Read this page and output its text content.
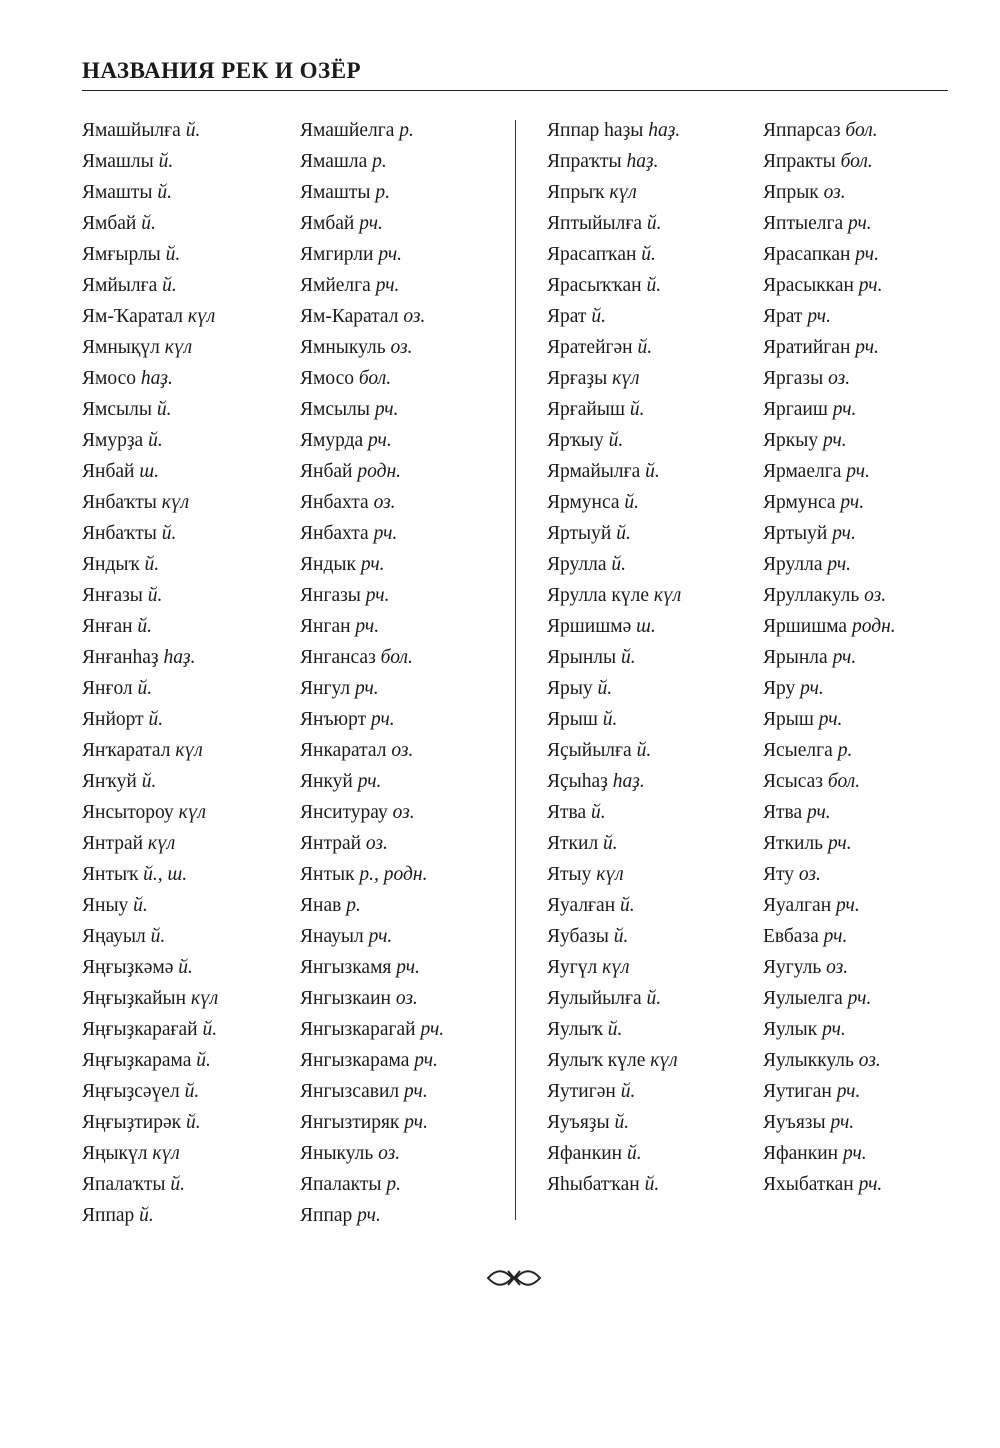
НАЗВАНИЯ РЕК И ОЗЁР
Ямашйылға й.
Ямашлы й.
Ямашты й.
Ямбай й.
Ямғырлы й.
Ямйылға й.
Ям-Ҡаратал күл
Ямнықүл күл
Ямосо һаҙ.
Ямсылы й.
Ямурҙа й.
Янбай ш.
Янбаҡты күл
Янбаҡты й.
Яндыҡ й.
Янғазы й.
Янған й.
Янғанһаҙ һаҙ.
Янғол й.
Янйорт й.
Янҡаратал күл
Янҡуй й.
Янсытороу күл
Янтрай күл
Янтыҡ й., ш.
Яныу й.
Яңауыл й.
Яңғыҙкәмә й.
Яңғыҙкайын күл
Яңғыҙкарағай й.
Яңғыҙкарама й.
Яңғыҙсәүел й.
Яңғыҙтирәк й.
Яңыкүл күл
Япалаҡты й.
Яппар й.
Ямашйелга р.
Ямашла р.
Ямашты р.
Ямбай рч.
Ямгирли рч.
Ямйелга рч.
Ям-Каратал оз.
Ямныкуль оз.
Ямосо бол.
Ямсылы рч.
Ямурда рч.
Янбай родн.
Янбахта оз.
Янбахта рч.
Яндык рч.
Янгазы рч.
Янган рч.
Янгансаз бол.
Янгул рч.
Янъюрт рч.
Янкаратал оз.
Янкуй рч.
Янситурау оз.
Янтрай оз.
Янтык р., родн.
Янав р.
Янауыл рч.
Янгызкамя рч.
Янгызкаин оз.
Янгызкарагай рч.
Янгызкарама рч.
Янгызсавил рч.
Янгызтиряк рч.
Яныкуль оз.
Япалакты р.
Яппар рч.
Яппар һаҙы һаҙ.
Япраҡты һаҙ.
Япрыҡ күл
Яптыйылға й.
Ярасапҡан й.
Ярасыҡҡан й.
Ярат й.
Яратейгән й.
Ярғаҙы күл
Ярғайыш й.
Ярҡыу й.
Ярмайылға й.
Ярмунса й.
Яртыуй й.
Ярулла й.
Ярулла күле күл
Яршишмә ш.
Ярынлы й.
Ярыу й.
Ярыш й.
Яҫыйылға й.
Яҫыһаҙ һаҙ.
Ятва й.
Яткил й.
Ятыу күл
Яуалған й.
Яубазы й.
Яугүл күл
Яулыйылға й.
Яулыҡ й.
Яулыҡ күле күл
Яутигән й.
Яуъяҙы й.
Яфанкин й.
Яһыбатҡан й.
Яппарсаз бол.
Япракты бол.
Япрык оз.
Яптыелга рч.
Ярасапкан рч.
Ярасыккан рч.
Ярат рч.
Яратийган рч.
Яргазы оз.
Яргаиш рч.
Яркыу рч.
Ярмаелга рч.
Ярмунса рч.
Яртыуй рч.
Ярулла рч.
Яруллакуль оз.
Яршишма родн.
Ярынла рч.
Яру рч.
Ярыш рч.
Ясыелга р.
Ясысаз бол.
Ятва рч.
Яткиль рч.
Яту оз.
Яуалган рч.
Евбаза рч.
Яугуль оз.
Яулыелга рч.
Яулык рч.
Яулыккуль оз.
Яутиган рч.
Яуъязы рч.
Яфанкин рч.
Яхыбаткан рч.
